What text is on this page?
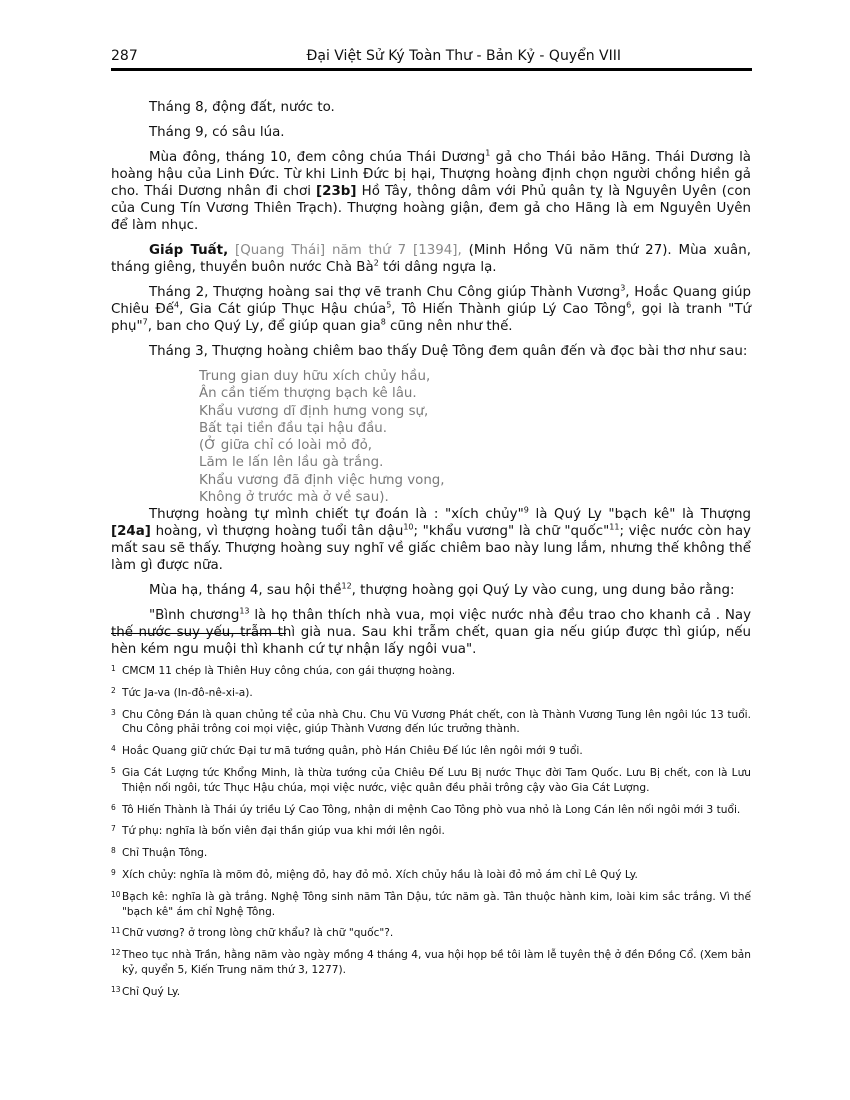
287	Đại Việt Sử Ký Toàn Thư - Bản Kỷ - Quyển VIII

Tháng 8, động đất, nước to.

Tháng 9, có sâu lúa.

Mùa đông, tháng 10, đem công chúa Thái Dương$^1$ gả cho Thái bảo Hãng. Thái Dương là hoàng hậu của Linh Đức. Từ khi Linh Đức bị hại, Thượng hoàng định chọn người chồng hiền gả cho. Thái Dương nhân đi chơi [23b] Hồ Tây, thông dâm với Phủ quân tỵ là Nguyên Uyên (con của Cung Tín Vương Thiên Trạch). Thượng hoàng giận, đem gả cho Hãng là em Nguyên Uyên để làm nhục.

Giáp Tuất, [Quang Thái] năm thứ 7 [1394], (Minh Hồng Vũ năm thứ 27). Mùa xuân, tháng giêng, thuyền buôn nước Chà $Bà^2$ tới dâng ngựa lạ.

Tháng 2, Thượng hoàng sai thợ vẽ tranh Chu Công giúp Thành Vương$^3$, Hoắc Quang giúp Chiêu Đế$^4$, Gia Cát giúp Thục Hậu chúa$^5$, Tô Hiến Thành giúp Lý Cao Tông$^6$, gọi là tranh "Tứ phụ"$^7$, ban cho Quý Ly, để giúp quan gia$^8$ cũng nên như thế.

Tháng 3, Thượng hoàng chiêm bao thấy Duệ Tông đem quân đến và đọc bài thơ như sau:

Trung gian duy hữu xích chủy hầu,
Ân cần tiếm thượng bạch kê lâu.
Khẩu vương dĩ định hưng vong sự,
Bất tại tiền đầu tại hậu đầu.
(Ở giữa chỉ có loài mỏ đỏ,
Lăm le lấn lên lầu gà trắng.
Khẩu vương đã định việc hưng vong,
Không ở trước mà ở về sau).

Thượng hoàng tự mình chiết tự đoán là : "xích chủy"$^9$ là Quý Ly "bạch kê" là Thượng [24a] hoàng, vì thượng hoàng tuổi tân dậu$^{10}$; "khẩu vương" là chữ "quốc"$^{11}$; việc nước còn hay mất sau sẽ thấy. Thượng hoàng suy nghĩ về giấc chiêm bao này lung lắm, nhưng thế không thể làm gì được nữa.

Mùa hạ, tháng 4, sau hội thề$^{12}$, thượng hoàng gọi Quý Ly vào cung, ung dung bảo rằng:

"Bình chương$^{13}$ là họ thân thích nhà vua, mọi việc nước nhà đều trao cho khanh cả . Nay thế nước suy yếu, trẫm thì già nua. Sau khi trẫm chết, quan gia nếu giúp được thì giúp, nếu hèn kém ngu muội thì khanh cứ tự nhận lấy ngôi vua".

1 CMCM 11 chép là Thiên Huy công chúa, con gái thượng hoàng.
2 Tức Ja-va (In-đô-nê-xi-a).
3 Chu Công Đán là quan chủng tể của nhà Chu. Chu Vũ Vương Phát chết, con là Thành Vương Tung lên ngôi lúc 13 tuổi. Chu Công phải trông coi mọi việc, giúp Thành Vương đến lúc trưởng thành.
4 Hoắc Quang giữ chức Đại tư mã tướng quân, phò Hán Chiêu Đế lúc lên ngôi mới 9 tuổi.
5 Gia Cát Lượng tức Khổng Minh, là thừa tướng của Chiêu Đế Lưu Bị nước Thục đời Tam Quốc. Lưu Bị chết, con là Lưu Thiện nối ngôi, tức Thục Hậu chúa, mọi việc nước, việc quân đều phải trông cậy vào Gia Cát Lượng.
6 Tô Hiến Thành là Thái úy triều Lý Cao Tông, nhận di mệnh Cao Tông phò vua nhỏ là Long Cán lên nối ngôi mới 3 tuổi.
7 Tứ phụ: nghĩa là bốn viên đại thần giúp vua khi mới lên ngôi.
8 Chỉ Thuận Tông.
9 Xích chủy: nghĩa là mõm đỏ, miệng đỏ, hay đỏ mỏ. Xích chủy hầu là loài đỏ mỏ ám chỉ Lê Quý Ly.
10 Bạch kê: nghĩa là gà trắng. Nghệ Tông sinh năm Tân Dậu, tức năm gà. Tân thuộc hành kim, loài kim sắc trắng. Vì thế "bạch kê" ám chỉ Nghệ Tông.
11 Chữ vương? ở trong lòng chữ khẩu? là chữ "quốc"?.
12 Theo tục nhà Trần, hằng năm vào ngày mồng 4 tháng 4, vua hội họp bề tôi làm lễ tuyên thệ ở đền Đồng Cổ. (Xem bản kỷ, quyển 5, Kiến Trung năm thứ 3, 1277).
13 Chỉ Quý Ly.
